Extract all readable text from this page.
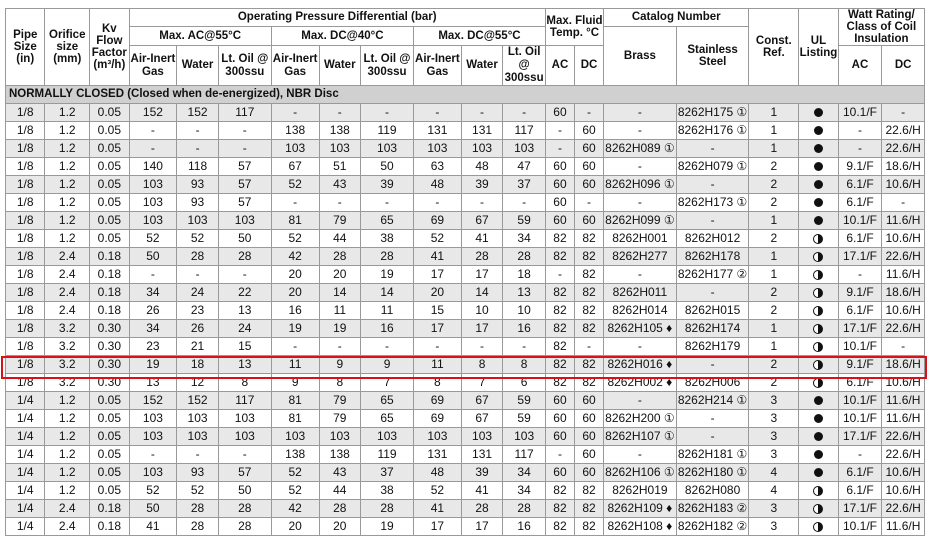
Pipe Size (in)	Orifice size (mm)	Kv Flow Factor (m³/h)	Operating Pressure Differential (bar)									Max. Fluid Temp. °C		Catalog Number		Const. Ref.	UL Listing	Watt Rating/ Class of Coil Insulation	
			Max. AC@55°C			Max. DC@40°C			Max. DC@55°C					Brass	Stainless Steel				
			Air-Inert Gas	Water	Lt. Oil @ 300ssu	Air-Inert Gas	Water	Lt. Oil @ 300ssu	Air-Inert Gas	Water	Lt. Oil @ 300ssu	AC	DC					AC	DC
NORMALLY CLOSED (Closed when de-energized), NBR Disc																			
1/8	1.2	0.05	152	152	117	-	-	-	-	-	-	60	-	-	8262H175 ①	1		10.1/F	-
1/8	1.2	0.05	-	-	-	138	138	119	131	131	117	-	60	-	8262H176 ①	1		-	22.6/H
1/8	1.2	0.05	-	-	-	103	103	103	103	103	103	-	60	8262H089 ①	-	1		-	22.6/H
1/8	1.2	0.05	140	118	57	67	51	50	63	48	47	60	60	-	8262H079 ①	2		9.1/F	18.6/H
1/8	1.2	0.05	103	93	57	52	43	39	48	39	37	60	60	8262H096 ①	-	2		6.1/F	10.6/H
1/8	1.2	0.05	103	93	57	-	-	-	-	-	-	60	-	-	8262H173 ①	2		6.1/F	-
1/8	1.2	0.05	103	103	103	81	79	65	69	67	59	60	60	8262H099 ①	-	1		10.1/F	11.6/H
1/8	1.2	0.05	52	52	50	52	44	38	52	41	34	82	82	8262H001	8262H012	2		6.1/F	10.6/H
1/8	2.4	0.18	50	28	28	42	28	28	41	28	28	82	82	8262H277	8262H178	1		17.1/F	22.6/H
1/8	2.4	0.18	-	-	-	20	20	19	17	17	18	-	82	-	8262H177 ②	1		-	11.6/H
1/8	2.4	0.18	34	24	22	20	14	14	20	14	13	82	82	8262H011	-	2		9.1/F	18.6/H
1/8	2.4	0.18	26	23	13	16	11	11	15	10	10	82	82	8262H014	8262H015	2		6.1/F	10.6/H
1/8	3.2	0.30	34	26	24	19	19	16	17	17	16	82	82	8262H105 ♦	8262H174	1		17.1/F	22.6/H
1/8	3.2	0.30	23	21	15	-	-	-	-	-	-	82	-	-	8262H179	1		10.1/F	-
1/8	3.2	0.30	19	18	13	11	9	9	11	8	8	82	82	8262H016 ♦	-	2		9.1/F	18.6/H
1/8	3.2	0.30	13	12	8	9	8	7	8	7	6	82	82	8262H002 ♦	8262H006	2		6.1/F	10.6/H
1/4	1.2	0.05	152	152	117	81	79	65	69	67	59	60	60	-	8262H214 ①	3		10.1/F	11.6/H
1/4	1.2	0.05	103	103	103	81	79	65	69	67	59	60	60	8262H200 ①	-	3		10.1/F	11.6/H
1/4	1.2	0.05	103	103	103	103	103	103	103	103	103	60	60	8262H107 ①	-	3		17.1/F	22.6/H
1/4	1.2	0.05	-	-	-	138	138	119	131	131	117	-	60	-	8262H181 ①	3		-	22.6/H
1/4	1.2	0.05	103	93	57	52	43	37	48	39	34	60	60	8262H106 ①	8262H180 ①	4		6.1/F	10.6/H
1/4	1.2	0.05	52	52	50	52	44	38	52	41	34	82	82	8262H019	8262H080	4		6.1/F	10.6/H
1/4	2.4	0.18	50	28	28	42	28	28	41	28	28	82	82	8262H109 ♦	8262H183 ②	3		17.1/F	22.6/H
1/4	2.4	0.18	41	28	28	20	20	19	17	17	16	82	82	8262H108 ♦	8262H182 ②	3		10.1/F	11.6/H
